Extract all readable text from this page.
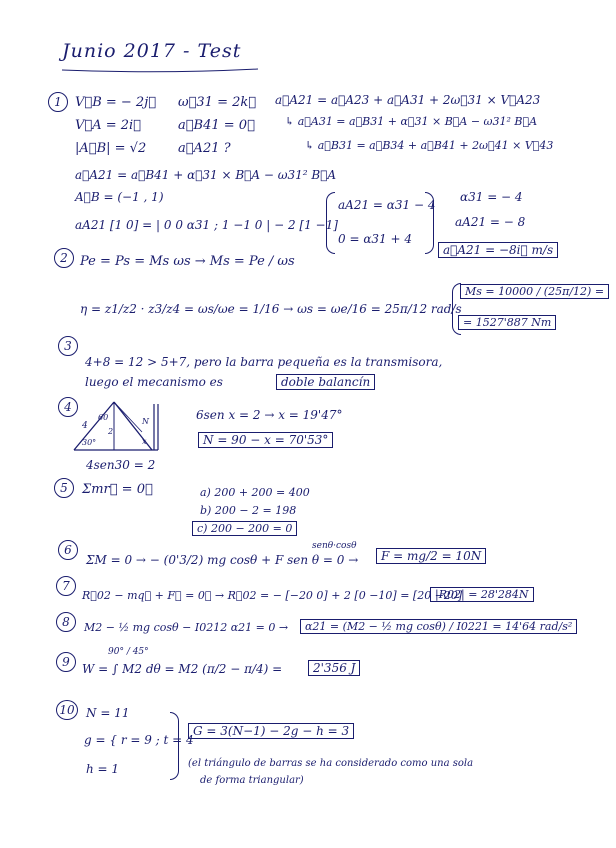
Junio 2017 - Test
1	V⃗B = − 2j⃗ ω⃗31 = 2k⃗ a⃗A21 = a⃗A23 + a⃗A31 + 2ω⃗31 × V⃗A23
V⃗A = 2i⃗	a⃗B41 = 0⃗	↳ a⃗A31 = a⃗B31 + α⃗31 × B⃗A − ω31² B⃗A
|A⃗B| = √2 a⃗A21 ?	↳ a⃗B31 = a⃗B34 + a⃗B41 + 2ω⃗41 × V⃗43
a⃗A21 = a⃗B41 + α⃗31 × B⃗A − ω31² B⃗A
A⃗B = (−1 , 1)
aA21 [1 0] = | 0 0 α31 ; 1 −1 0 | − 2 [1 −1]
aA21 = α31 − 4
0 = α31 + 4
α31 = − 4
aA21 = − 8
a⃗A21 = −8i⃗ m/s
2 Pe = Ps = Ms ωs → Ms = Pe / ωs
η = z1/z2 · z3/z4 = ωs/ωe = 1/16 → ωs = ωe/16 = 25π/12 rad/s
Ms = 10000 / (25π/12) =
= 1527'887 Nm
3
4+8 = 12 > 5+7, pero la barra pequeña es la transmisora,
luego el mecanismo es	doble balancín
4
4
60
2
30°
N
x
4sen30 = 2
6sen x = 2 → x = 19'47°
N = 90 − x = 70'53°
5	Σmr⃗ = 0⃗	a) 200 + 200 = 400
b) 200 − 2 = 198
c) 200 − 200 = 0
6	senθ·cosθ
ΣM = 0 → − (0'3/2) mg cosθ + F sen θ = 0 →	F = mg/2 = 10N
7
R⃗02 − mq⃗ + F⃗ = 0⃗ → R⃗02 = − [−20 0] + 2 [0 −10] = [20 −20]
|R02| = 28'284N
8	M2 − ½ mg cosθ − I0212 α21 = 0 →	α21 = (M2 − ½ mg cosθ) / I0221 = 14'64 rad/s²
9
90° / 45°
W = ∫ M2 dθ = M2 (π/2 − π/4) =	2'356 J
10 N = 11
g = { r = 9 ; t = 4
h = 1
G = 3(N−1) − 2g − h = 3
(el triángulo de barras se ha considerado como una sola
de forma triangular)
